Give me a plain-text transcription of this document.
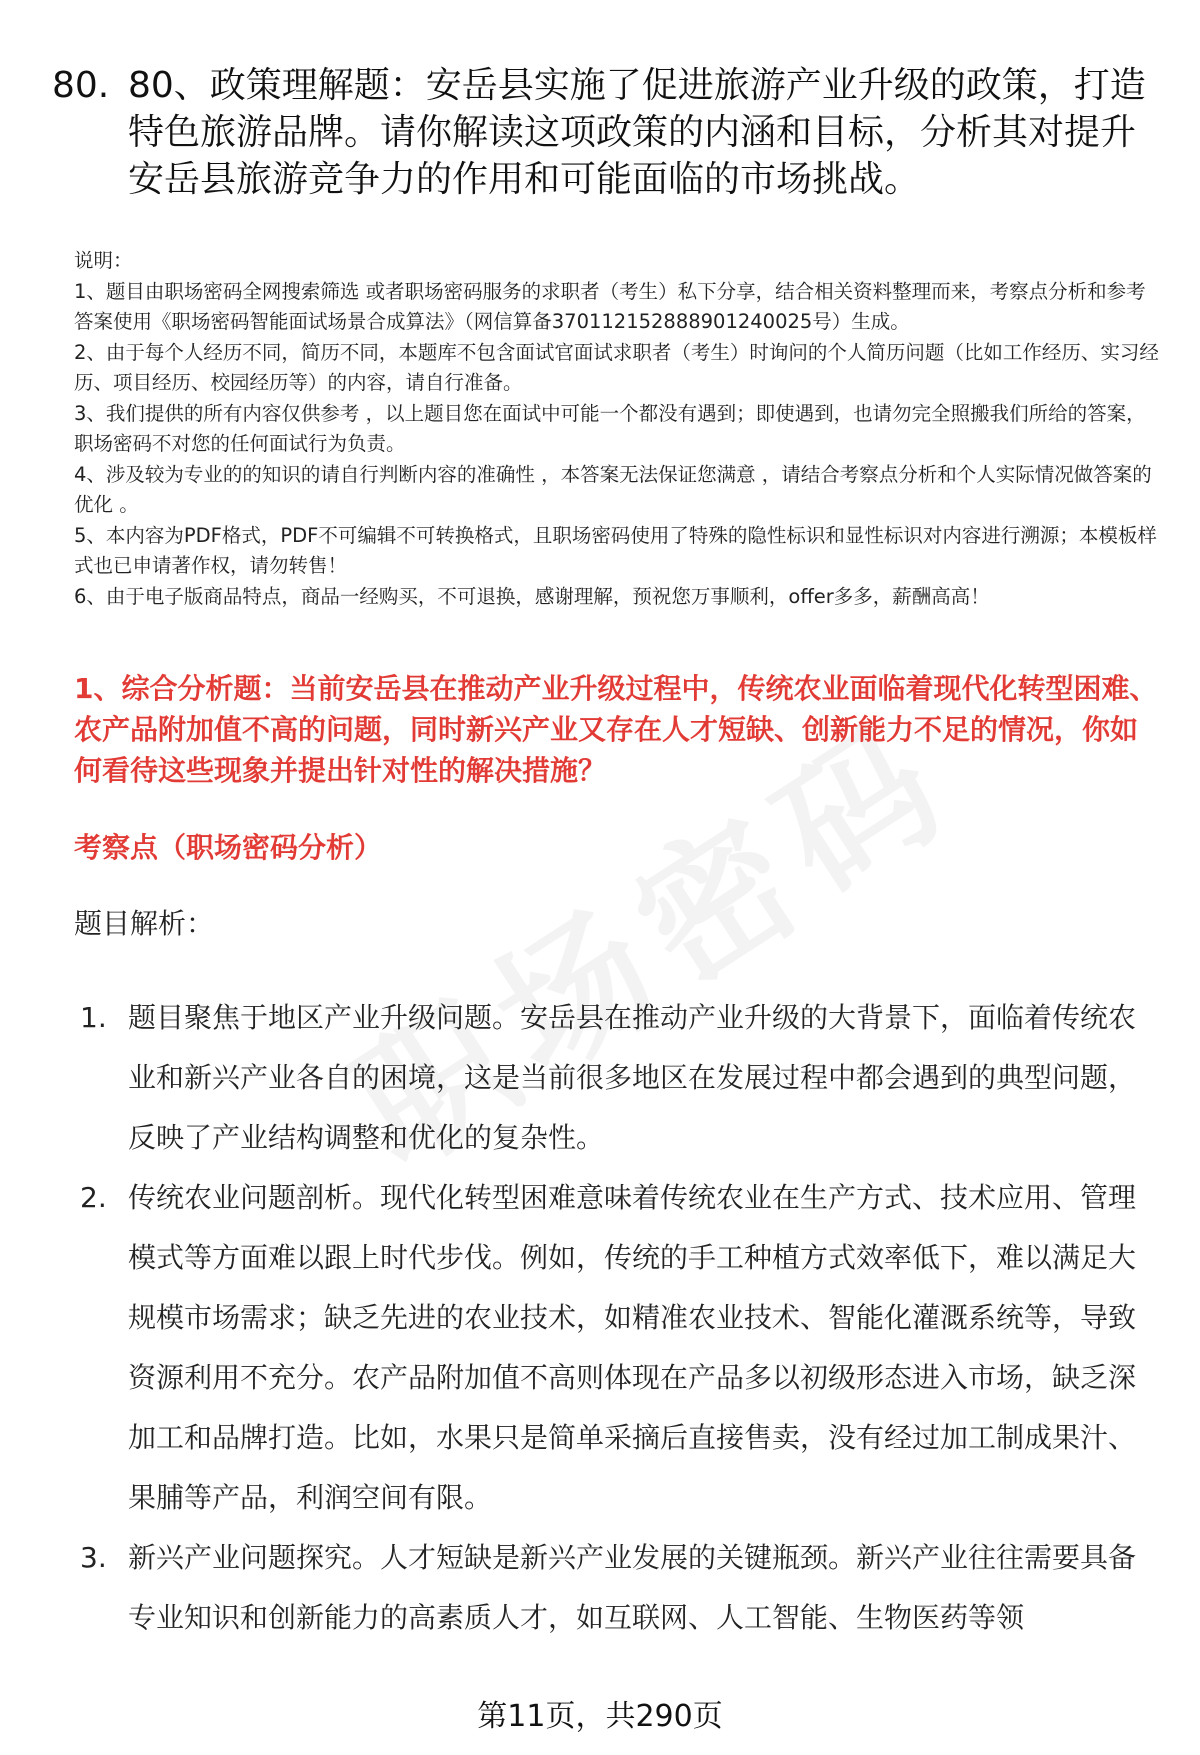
80. 80、政策理解题：安岳县实施了促进旅游产业升级的政策，打造特色旅游品牌。请你解读这项政策的内涵和目标，分析其对提升安岳县旅游竞争力的作用和可能面临的市场挑战。

说明：

1、题目由职场密码全网搜索筛选 或者职场密码服务的求职者（考生）私下分享，结合相关资料整理而来，考察点分析和参考答案使用《职场密码智能面试场景合成算法》（网信算备370112152888901240025号）生成。

2、由于每个人经历不同，简历不同，本题库不包含面试官面试求职者（考生）时询问的个人简历问题（比如工作经历、实习经历、项目经历、校园经历等）的内容，请自行准备。

3、我们提供的所有内容仅供参考 ，以上题目您在面试中可能一个都没有遇到；即使遇到，也请勿完全照搬我们所给的答案，职场密码不对您的任何面试行为负责。

4、涉及较为专业的的知识的请自行判断内容的准确性 ，本答案无法保证您满意 ，请结合考察点分析和个人实际情况做答案的优化 。

5、本内容为PDF格式，PDF不可编辑不可转换格式，且职场密码使用了特殊的隐性标识和显性标识对内容进行溯源；本模板样式也已申请著作权，请勿转售！

6、由于电子版商品特点，商品一经购买，不可退换，感谢理解，预祝您万事顺利，offer多多，薪酬高高！

1、综合分析题：当前安岳县在推动产业升级过程中，传统农业面临着现代化转型困难、农产品附加值不高的问题，同时新兴产业又存在人才短缺、创新能力不足的情况，你如何看待这些现象并提出针对性的解决措施？
考察点（职场密码分析）
题目解析：
1. 题目聚焦于地区产业升级问题。安岳县在推动产业升级的大背景下，面临着传统农业和新兴产业各自的困境，这是当前很多地区在发展过程中都会遇到的典型问题，反映了产业结构调整和优化的复杂性。
2. 传统农业问题剖析。现代化转型困难意味着传统农业在生产方式、技术应用、管理模式等方面难以跟上时代步伐。例如，传统的手工种植方式效率低下，难以满足大规模市场需求；缺乏先进的农业技术，如精准农业技术、智能化灌溉系统等，导致资源利用不充分。农产品附加值不高则体现在产品多以初级形态进入市场，缺乏深加工和品牌打造。比如，水果只是简单采摘后直接售卖，没有经过加工制成果汁、果脯等产品，利润空间有限。
3. 新兴产业问题探究。人才短缺是新兴产业发展的关键瓶颈。新兴产业往往需要具备专业知识和创新能力的高素质人才，如互联网、人工智能、生物医药等领
第11页，共290页
